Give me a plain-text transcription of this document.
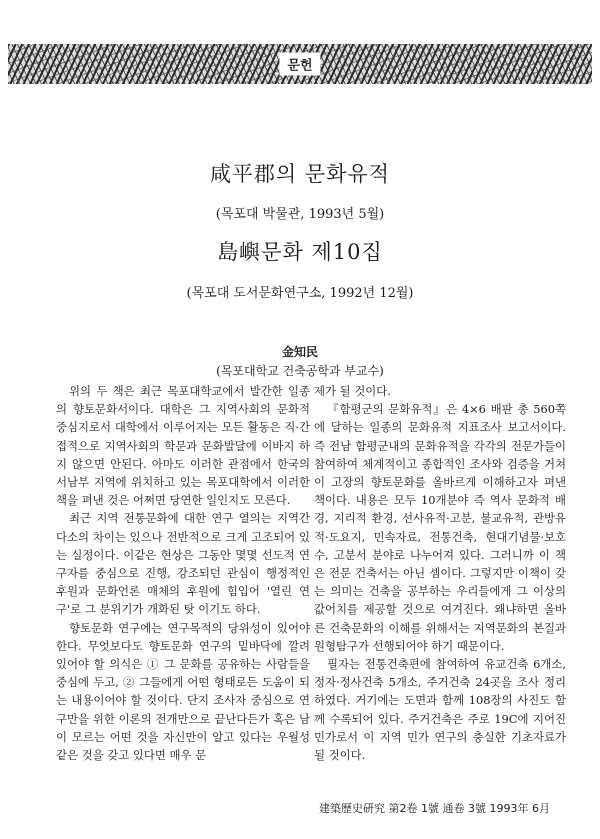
문헌
咸平郡의 문화유적
(목포대 박물관, 1993년 5월)
島嶼문화 제10집
(목포대 도서문화연구소, 1992년 12월)
金知民
(목포대학교 건축공학과 부교수)

위의 두 책은 최근 목포대학교에서 발간한 일종의 향토문화서이다. 대학은 그 지역사회의 문화적 중심지로서 대학에서 이루어지는 모든 활동은 직·간접적으로 지역사회의 학문과 문화발달에 이바지 하지 않으면 안된다. 아마도 이러한 관점에서 한국의 서남부 지역에 위치하고 있는 목포대학에서 이러한 책을 펴낸 것은 어쩌면 당연한 일인지도 모른다.

최근 지역 전통문화에 대한 연구 열의는 지역간 다소의 차이는 있으나 전반적으로 크게 고조되어 있는 실정이다. 이같은 현상은 그동안 몇몇 선도적 연구자를 중심으로 진행, 강조되던 관심이 행정적인 후원과 문화언론 매체의 후원에 힘입어 '열린 연구'로 그 분위기가 개화된 탓 이기도 하다.

향토문화 연구에는 연구목적의 당위성이 있어야 한다. 무엇보다도 향토문화 연구의 밑바닥에 깔려 있어야 할 의식은 ① 그 문화를 공유하는 사람들을 중심에 두고, ② 그들에게 어떤 형태로든 도움이 되는 내용이어야 할 것이다. 단지 조사자 중심으로 연구만을 위한 이론의 전개만으로 끝난다든가 혹은 남이 모르는 어떤 것을 자신만이 알고 있다는 우월성 같은 것을 갖고 있다면 매우 문

제가 될 것이다.

『함평군의 문화유적』은 4×6 배판 총 560쪽에 달하는 일종의 문화유적 지표조사 보고서이다. 즉 전남 함평군내의 문화유적을 각각의 전문가들이 참여하여 체계적이고 종합적인 조사와 검증을 거쳐 이 고장의 향토문화를 올바르게 이해하고자 펴낸 책이다. 내용은 모두 10개분야 즉 역사 문화적 배경, 지리적 환경, 선사유적·고분, 불교유적, 관방유적·도요지, 민속자료, 전통건축, 현대기념물·보호수, 고분서 분야로 나누어져 있다. 그러니까 이 책은 전문 건축서는 아닌 셈이다. 그렇지만 이책이 갖는 의미는 건축을 공부하는 우리들에게 그 이상의 값어치를 제공할 것으로 여겨진다. 왜냐하면 올바른 건축문화의 이해를 위해서는 지역문화의 본질과 원형탐구가 선행되어야 하기 때문이다.

필자는 전통건축편에 참여하여 유교건축 6개소, 정자·정사건축 5개소, 주거건축 24곳을 조사 정리하였다. 거기에는 도면과 함께 108장의 사진도 함께 수록되어 있다. 주거건축은 주로 19C에 지어진 민가로서 이 지역 민가 연구의 충실한 기초자료가 될 것이다.

建築歷史硏究 第2卷 1號 通卷 3號 1993年 6月
